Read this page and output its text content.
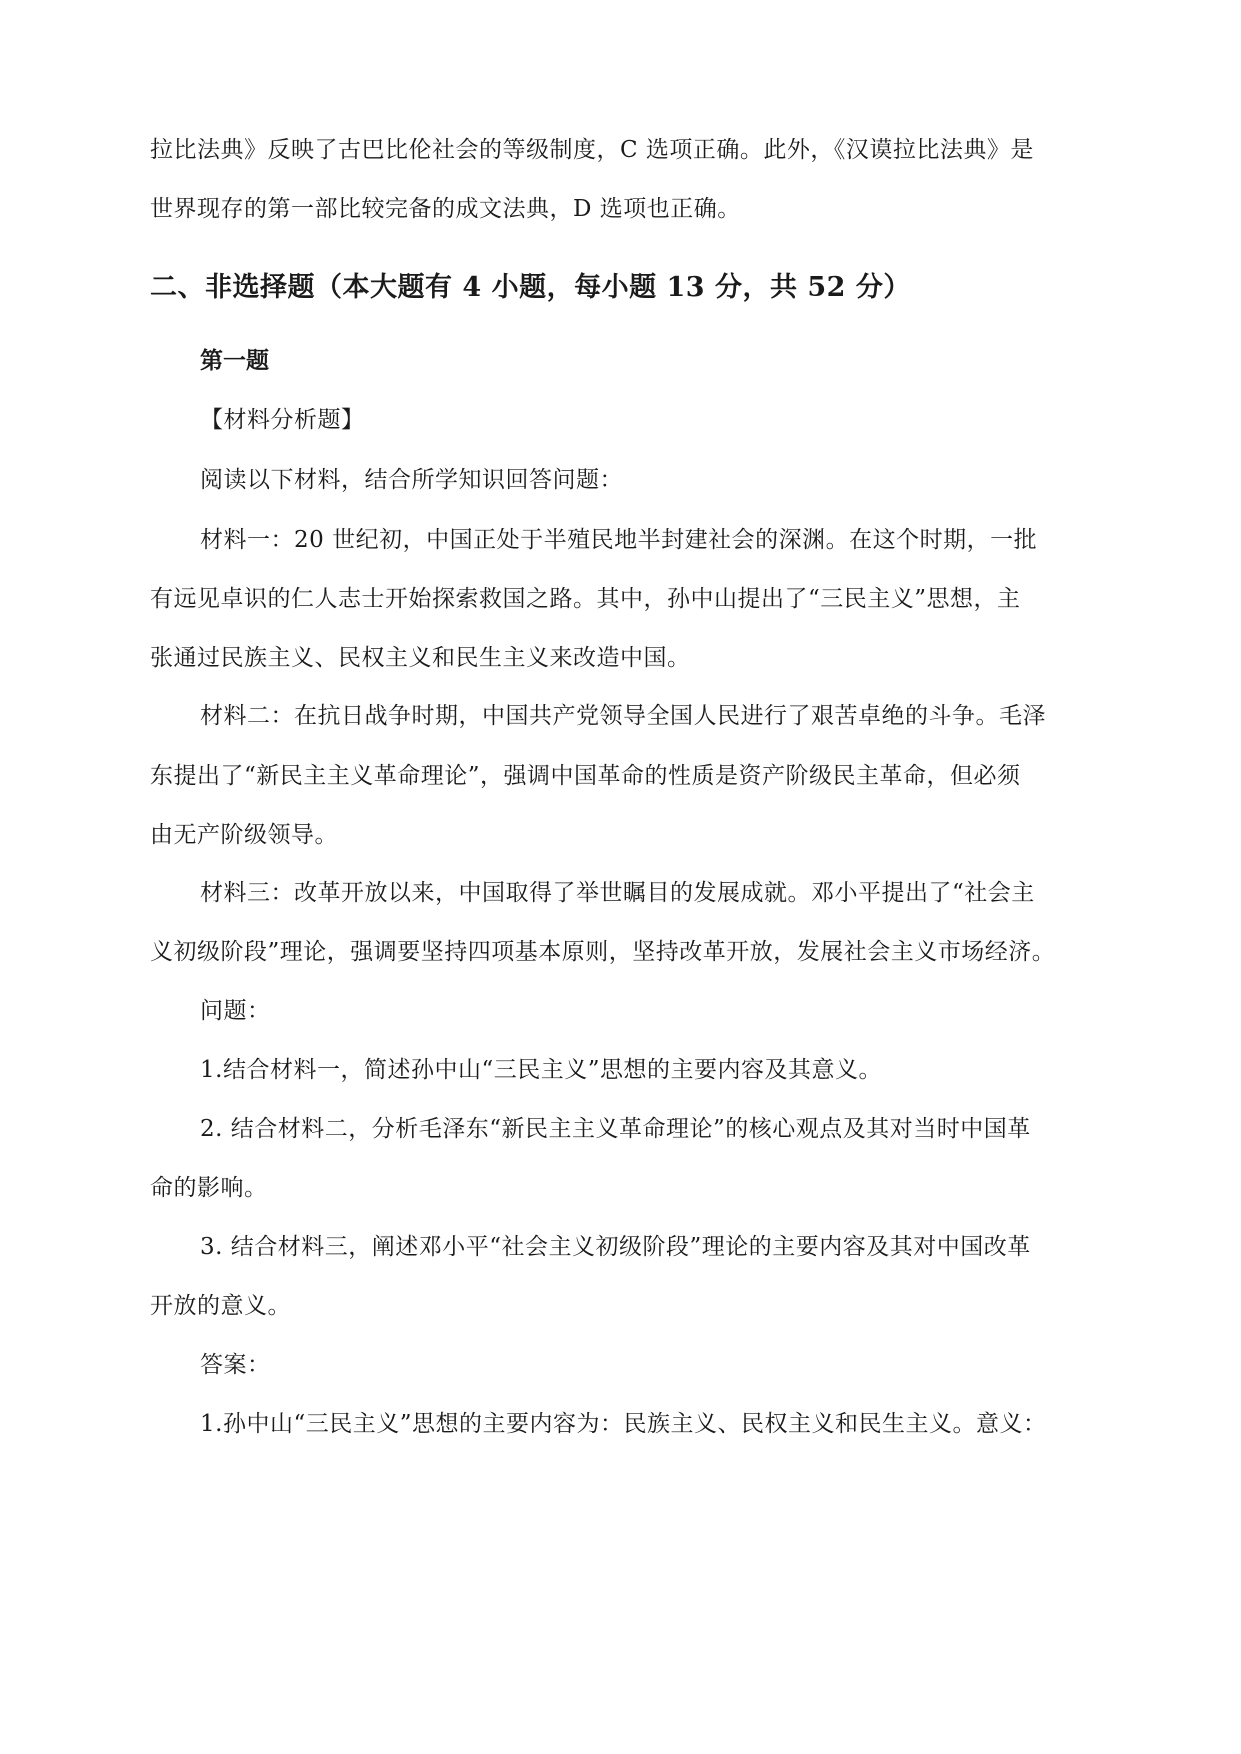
拉比法典》反映了古巴比伦社会的等级制度，C 选项正确。此外，《汉谟拉比法典》是
世界现存的第一部比较完备的成文法典，D 选项也正确。
二、非选择题（本大题有 4 小题，每小题 13 分，共 52 分）
第一题
【材料分析题】
阅读以下材料，结合所学知识回答问题：
材料一：20 世纪初，中国正处于半殖民地半封建社会的深渊。在这个时期，一批
有远见卓识的仁人志士开始探索救国之路。其中，孙中山提出了“三民主义”思想，主
张通过民族主义、民权主义和民生主义来改造中国。
材料二：在抗日战争时期，中国共产党领导全国人民进行了艰苦卓绝的斗争。毛泽
东提出了“新民主主义革命理论”，强调中国革命的性质是资产阶级民主革命，但必须
由无产阶级领导。
材料三：改革开放以来，中国取得了举世瞩目的发展成就。邓小平提出了“社会主
义初级阶段”理论，强调要坚持四项基本原则，坚持改革开放，发展社会主义市场经济。
问题：
1.结合材料一，简述孙中山“三民主义”思想的主要内容及其意义。
2. 结合材料二，分析毛泽东“新民主主义革命理论”的核心观点及其对当时中国革
命的影响。
3. 结合材料三，阐述邓小平“社会主义初级阶段”理论的主要内容及其对中国改革
开放的意义。
答案：
1.孙中山“三民主义”思想的主要内容为：民族主义、民权主义和民生主义。意义：
